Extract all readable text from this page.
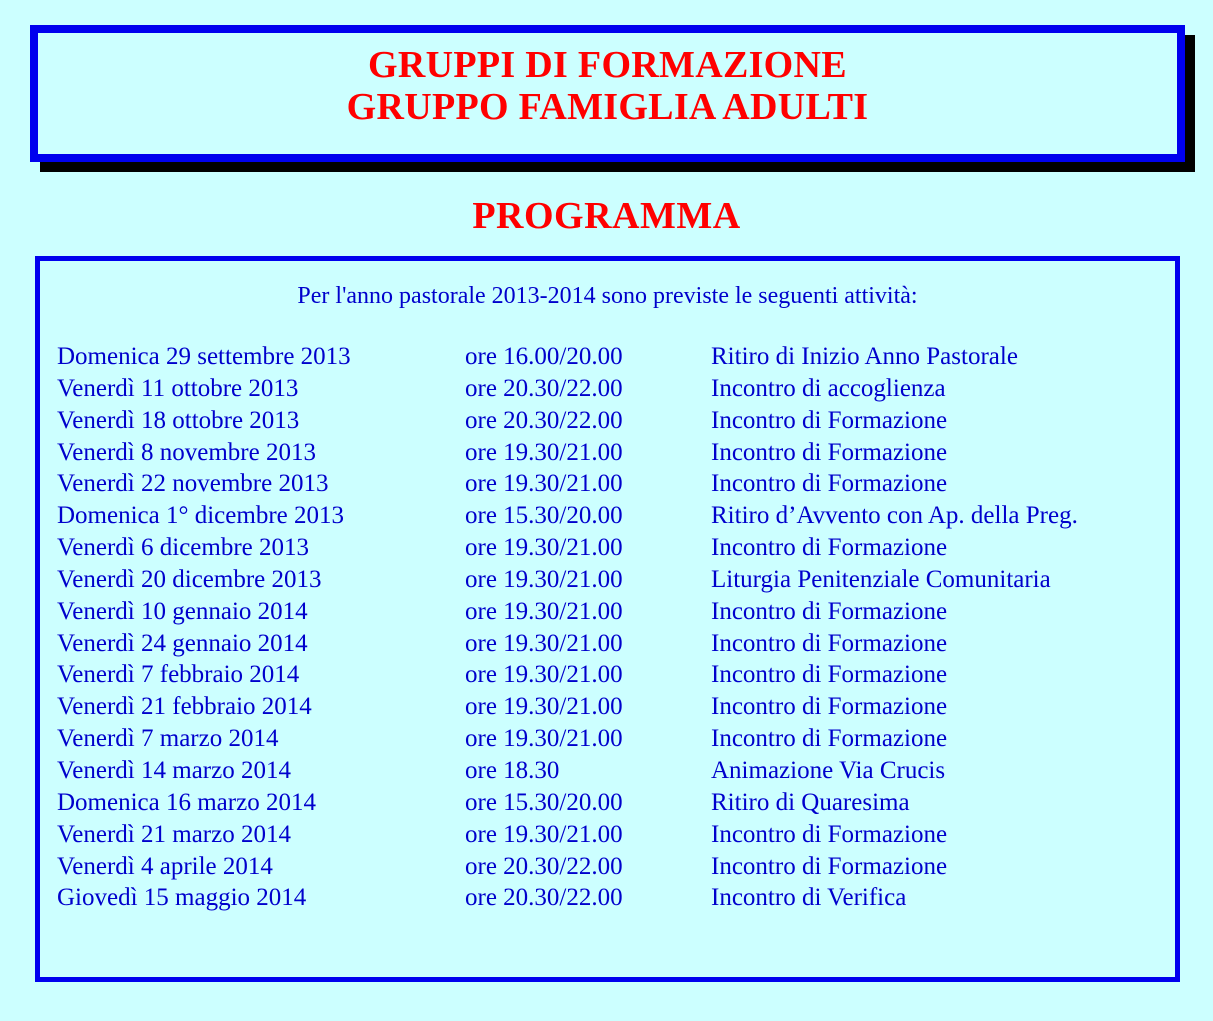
GRUPPI DI FORMAZIONE
GRUPPO FAMIGLIA ADULTI
PROGRAMMA
Per l'anno pastorale 2013-2014 sono previste le seguenti attività:
Domenica 29 settembre 2013	ore 16.00/20.00	Ritiro di Inizio Anno Pastorale
Venerdì 11 ottobre 2013	ore 20.30/22.00	Incontro di accoglienza
Venerdì 18 ottobre 2013	ore 20.30/22.00	Incontro di Formazione
Venerdì 8 novembre 2013	ore 19.30/21.00	Incontro di Formazione
Venerdì 22 novembre 2013	ore 19.30/21.00	Incontro di Formazione
Domenica 1° dicembre 2013	ore 15.30/20.00	Ritiro d’Avvento con Ap. della Preg.
Venerdì 6 dicembre 2013	ore 19.30/21.00	Incontro di Formazione
Venerdì 20 dicembre 2013	ore 19.30/21.00	Liturgia Penitenziale Comunitaria
Venerdì 10 gennaio 2014	ore 19.30/21.00	Incontro di Formazione
Venerdì 24 gennaio 2014	ore 19.30/21.00	Incontro di Formazione
Venerdì 7 febbraio 2014	ore 19.30/21.00	Incontro di Formazione
Venerdì 21 febbraio 2014	ore 19.30/21.00	Incontro di Formazione
Venerdì 7 marzo 2014	ore 19.30/21.00	Incontro di Formazione
Venerdì 14 marzo 2014	ore 18.30	Animazione Via Crucis
Domenica 16 marzo 2014	ore 15.30/20.00	Ritiro di Quaresima
Venerdì 21 marzo 2014	ore 19.30/21.00	Incontro di Formazione
Venerdì 4 aprile 2014	ore 20.30/22.00	Incontro di Formazione
Giovedì 15 maggio 2014	ore 20.30/22.00	Incontro di Verifica
